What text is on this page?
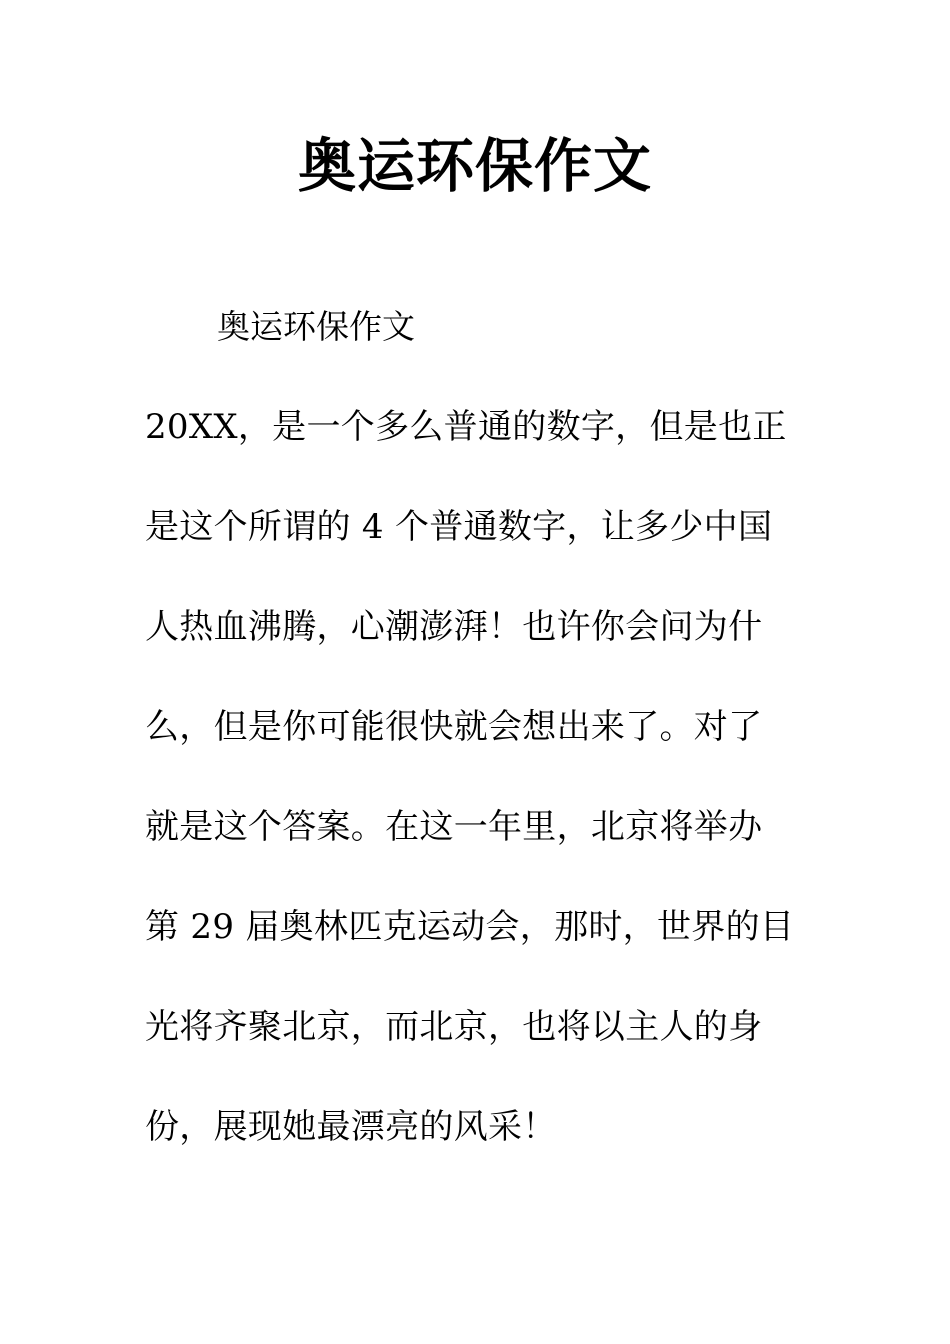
奥运环保作文

奥运环保作文

20XX，是一个多么普通的数字，但是也正
是这个所谓的 4 个普通数字，让多少中国
人热血沸腾，心潮澎湃！也许你会问为什
么，但是你可能很快就会想出来了。对了
就是这个答案。在这一年里，北京将举办
第 29 届奥林匹克运动会，那时，世界的目
光将齐聚北京，而北京，也将以主人的身
份，展现她最漂亮的风采！
